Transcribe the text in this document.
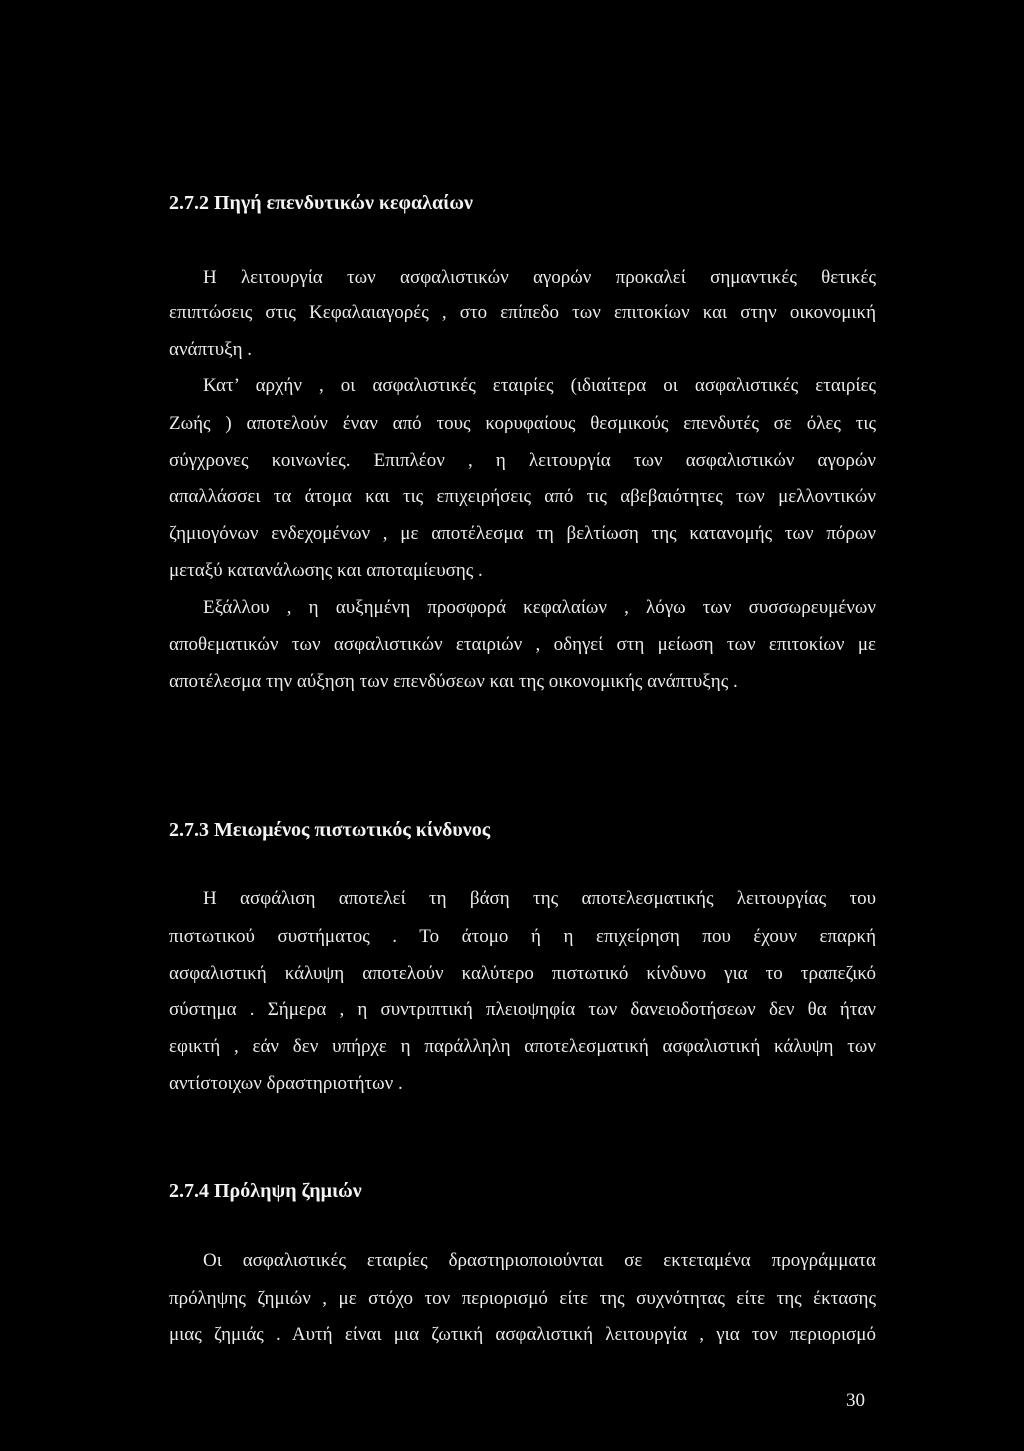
2.7.2 Πηγή επενδυτικών κεφαλαίων

Η λειτουργία των ασφαλιστικών αγορών προκαλεί σημαντικές θετικές

επιπτώσεις στις Κεφαλαιαγορές , στο επίπεδο των επιτοκίων και στην οικονομική

ανάπτυξη .

Κατ’ αρχήν , οι ασφαλιστικές εταιρίες (ιδιαίτερα οι ασφαλιστικές εταιρίες

Ζωής ) αποτελούν έναν από τους κορυφαίους θεσμικούς επενδυτές σε όλες τις

σύγχρονες κοινωνίες. Επιπλέον , η λειτουργία των ασφαλιστικών αγορών

απαλλάσσει τα άτομα και τις επιχειρήσεις από τις αβεβαιότητες των μελλοντικών

ζημιογόνων ενδεχομένων , με αποτέλεσμα τη βελτίωση της κατανομής των πόρων

μεταξύ κατανάλωσης και αποταμίευσης .

Εξάλλου , η αυξημένη προσφορά κεφαλαίων , λόγω των συσσωρευμένων

αποθεματικών των ασφαλιστικών εταιριών , οδηγεί στη μείωση των επιτοκίων με

αποτέλεσμα την αύξηση των επενδύσεων και της οικονομικής ανάπτυξης .

2.7.3 Μειωμένος πιστωτικός κίνδυνος

Η ασφάλιση αποτελεί τη βάση της αποτελεσματικής λειτουργίας του

πιστωτικού συστήματος . Το άτομο ή η επιχείρηση που έχουν επαρκή

ασφαλιστική κάλυψη αποτελούν καλύτερο πιστωτικό κίνδυνο για το τραπεζικό

σύστημα . Σήμερα , η συντριπτική πλειοψηφία των δανειοδοτήσεων δεν θα ήταν

εφικτή , εάν δεν υπήρχε η παράλληλη αποτελεσματική ασφαλιστική κάλυψη των

αντίστοιχων δραστηριοτήτων .

2.7.4 Πρόληψη ζημιών

Οι ασφαλιστικές εταιρίες δραστηριοποιούνται σε εκτεταμένα προγράμματα

πρόληψης ζημιών , με στόχο τον περιορισμό είτε της συχνότητας είτε της έκτασης

μιας ζημιάς . Αυτή είναι μια ζωτική ασφαλιστική λειτουργία , για τον περιορισμό

30
